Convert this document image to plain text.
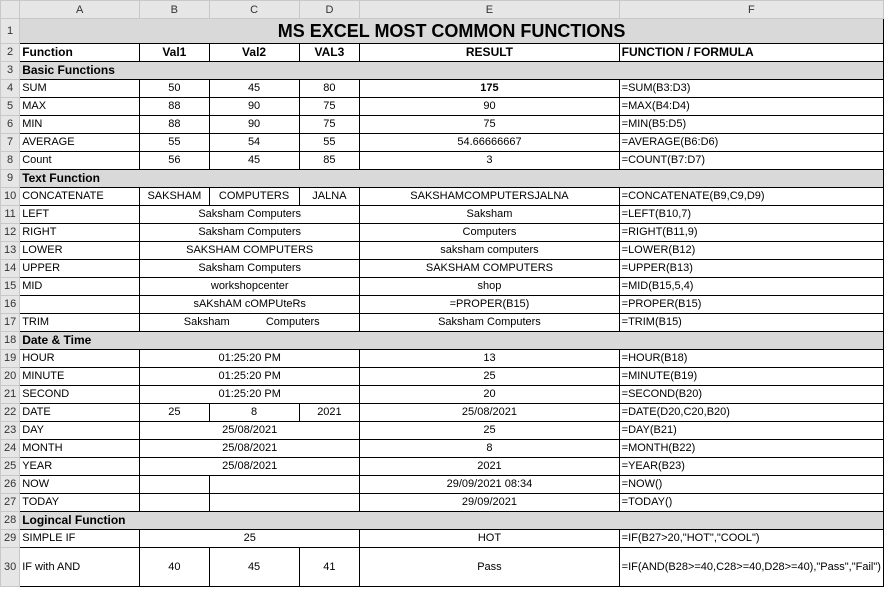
	A	B	C	D	E	F
1	MS EXCEL MOST COMMON FUNCTIONS					
2	Function	Val1	Val2	VAL3	RESULT	FUNCTION / FORMULA
3	Basic Functions					
4	SUM	50	45	80	175	=SUM(B3:D3)
5	MAX	88	90	75	90	=MAX(B4:D4)
6	MIN	88	90	75	75	=MIN(B5:D5)
7	AVERAGE	55	54	55	54.66666667	=AVERAGE(B6:D6)
8	Count	56	45	85	3	=COUNT(B7:D7)
9	Text Function					
10	CONCATENATE	SAKSHAM	COMPUTERS	JALNA	SAKSHAMCOMPUTERSJALNA	=CONCATENATE(B9,C9,D9)
11	LEFT	Saksham Computers			Saksham	=LEFT(B10,7)
12	RIGHT	Saksham Computers			Computers	=RIGHT(B11,9)
13	LOWER	SAKSHAM COMPUTERS			saksham computers	=LOWER(B12)
14	UPPER	Saksham Computers			SAKSHAM COMPUTERS	=UPPER(B13)
15	MID	workshopcenter			shop	=MID(B15,5,4)
16		sAKshAM cOMPUteRs			=PROPER(B15)	=PROPER(B15)
17	TRIM	Saksham Computers			Saksham Computers	=TRIM(B15)
18	Date & Time					
19	HOUR	01:25:20 PM			13	=HOUR(B18)
20	MINUTE	01:25:20 PM			25	=MINUTE(B19)
21	SECOND	01:25:20 PM			20	=SECOND(B20)
22	DATE	25	8	2021	25/08/2021	=DATE(D20,C20,B20)
23	DAY	25/08/2021			25	=DAY(B21)
24	MONTH	25/08/2021			8	=MONTH(B22)
25	YEAR	25/08/2021			2021	=YEAR(B23)
26	NOW				29/09/2021 08:34	=NOW()
27	TODAY				29/09/2021	=TODAY()
28	Logincal Function					
29	SIMPLE IF	25			HOT	=IF(B27>20,"HOT","COOL")
30	IF with AND	40	45	41	Pass	=IF(AND(B28>=40,C28>=40,D28>=40),"Pass","Fail")
